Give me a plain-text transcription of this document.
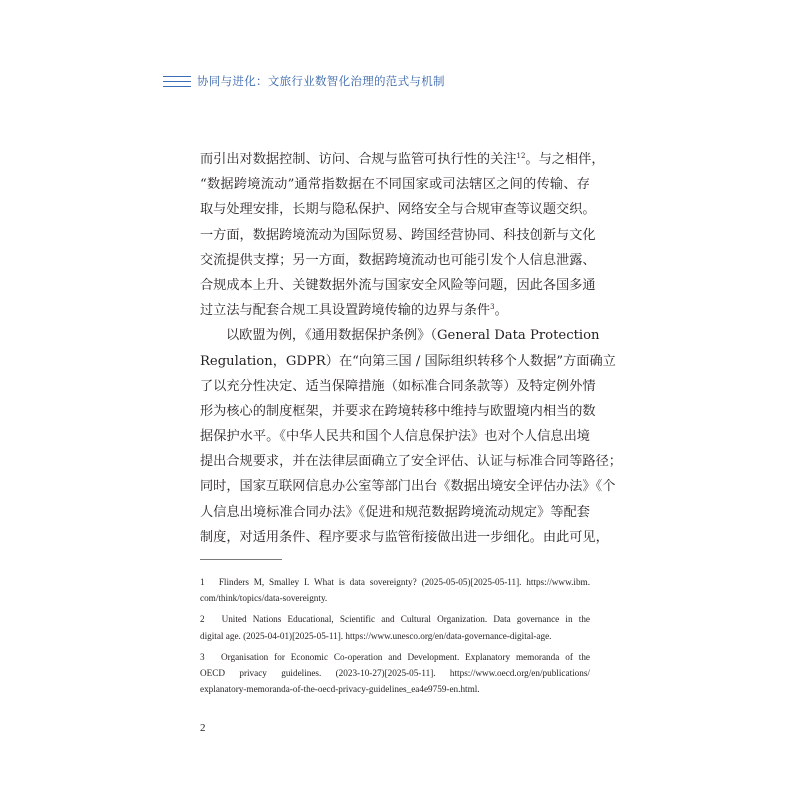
协同与进化：文旅行业数智化治理的范式与机制
而引出对数据控制、访问、合规与监管可执行性的关注$^{12}$。与之相伴，
“数据跨境流动”通常指数据在不同国家或司法辖区之间的传输、存
取与处理安排，长期与隐私保护、网络安全与合规审查等议题交织。
一方面，数据跨境流动为国际贸易、跨国经营协同、科技创新与文化
交流提供支撑；另一方面，数据跨境流动也可能引发个人信息泄露、
合规成本上升、关键数据外流与国家安全风险等问题，因此各国多通
过立法与配套合规工具设置跨境传输的边界与条件$^3$。
以欧盟为例，《通用数据保护条例》（General Data Protection
Regulation，GDPR）在“向第三国 / 国际组织转移个人数据”方面确立
了以充分性决定、适当保障措施（如标准合同条款等）及特定例外情
形为核心的制度框架，并要求在跨境转移中维持与欧盟境内相当的数
据保护水平。《中华人民共和国个人信息保护法》也对个人信息出境
提出合规要求，并在法律层面确立了安全评估、认证与标准合同等路径；
同时，国家互联网信息办公室等部门出台《数据出境安全评估办法》《个
人信息出境标准合同办法》《促进和规范数据跨境流动规定》等配套
制度，对适用条件、程序要求与监管衔接做出进一步细化。由此可见，
1　Flinders M, Smalley I. What is data sovereignty? (2025-05-05)[2025-05-11]. https://www.ibm.
com/think/topics/data-sovereignty.
2　United Nations Educational, Scientific and Cultural Organization. Data governance in the
digital age. (2025-04-01)[2025-05-11]. https://www.unesco.org/en/data-governance-digital-age.
3　Organisation for Economic Co-operation and Development. Explanatory memoranda of the
OECD privacy guidelines. (2023-10-27)[2025-05-11]. https://www.oecd.org/en/publications/
explanatory-memoranda-of-the-oecd-privacy-guidelines_ea4e9759-en.html.
2
